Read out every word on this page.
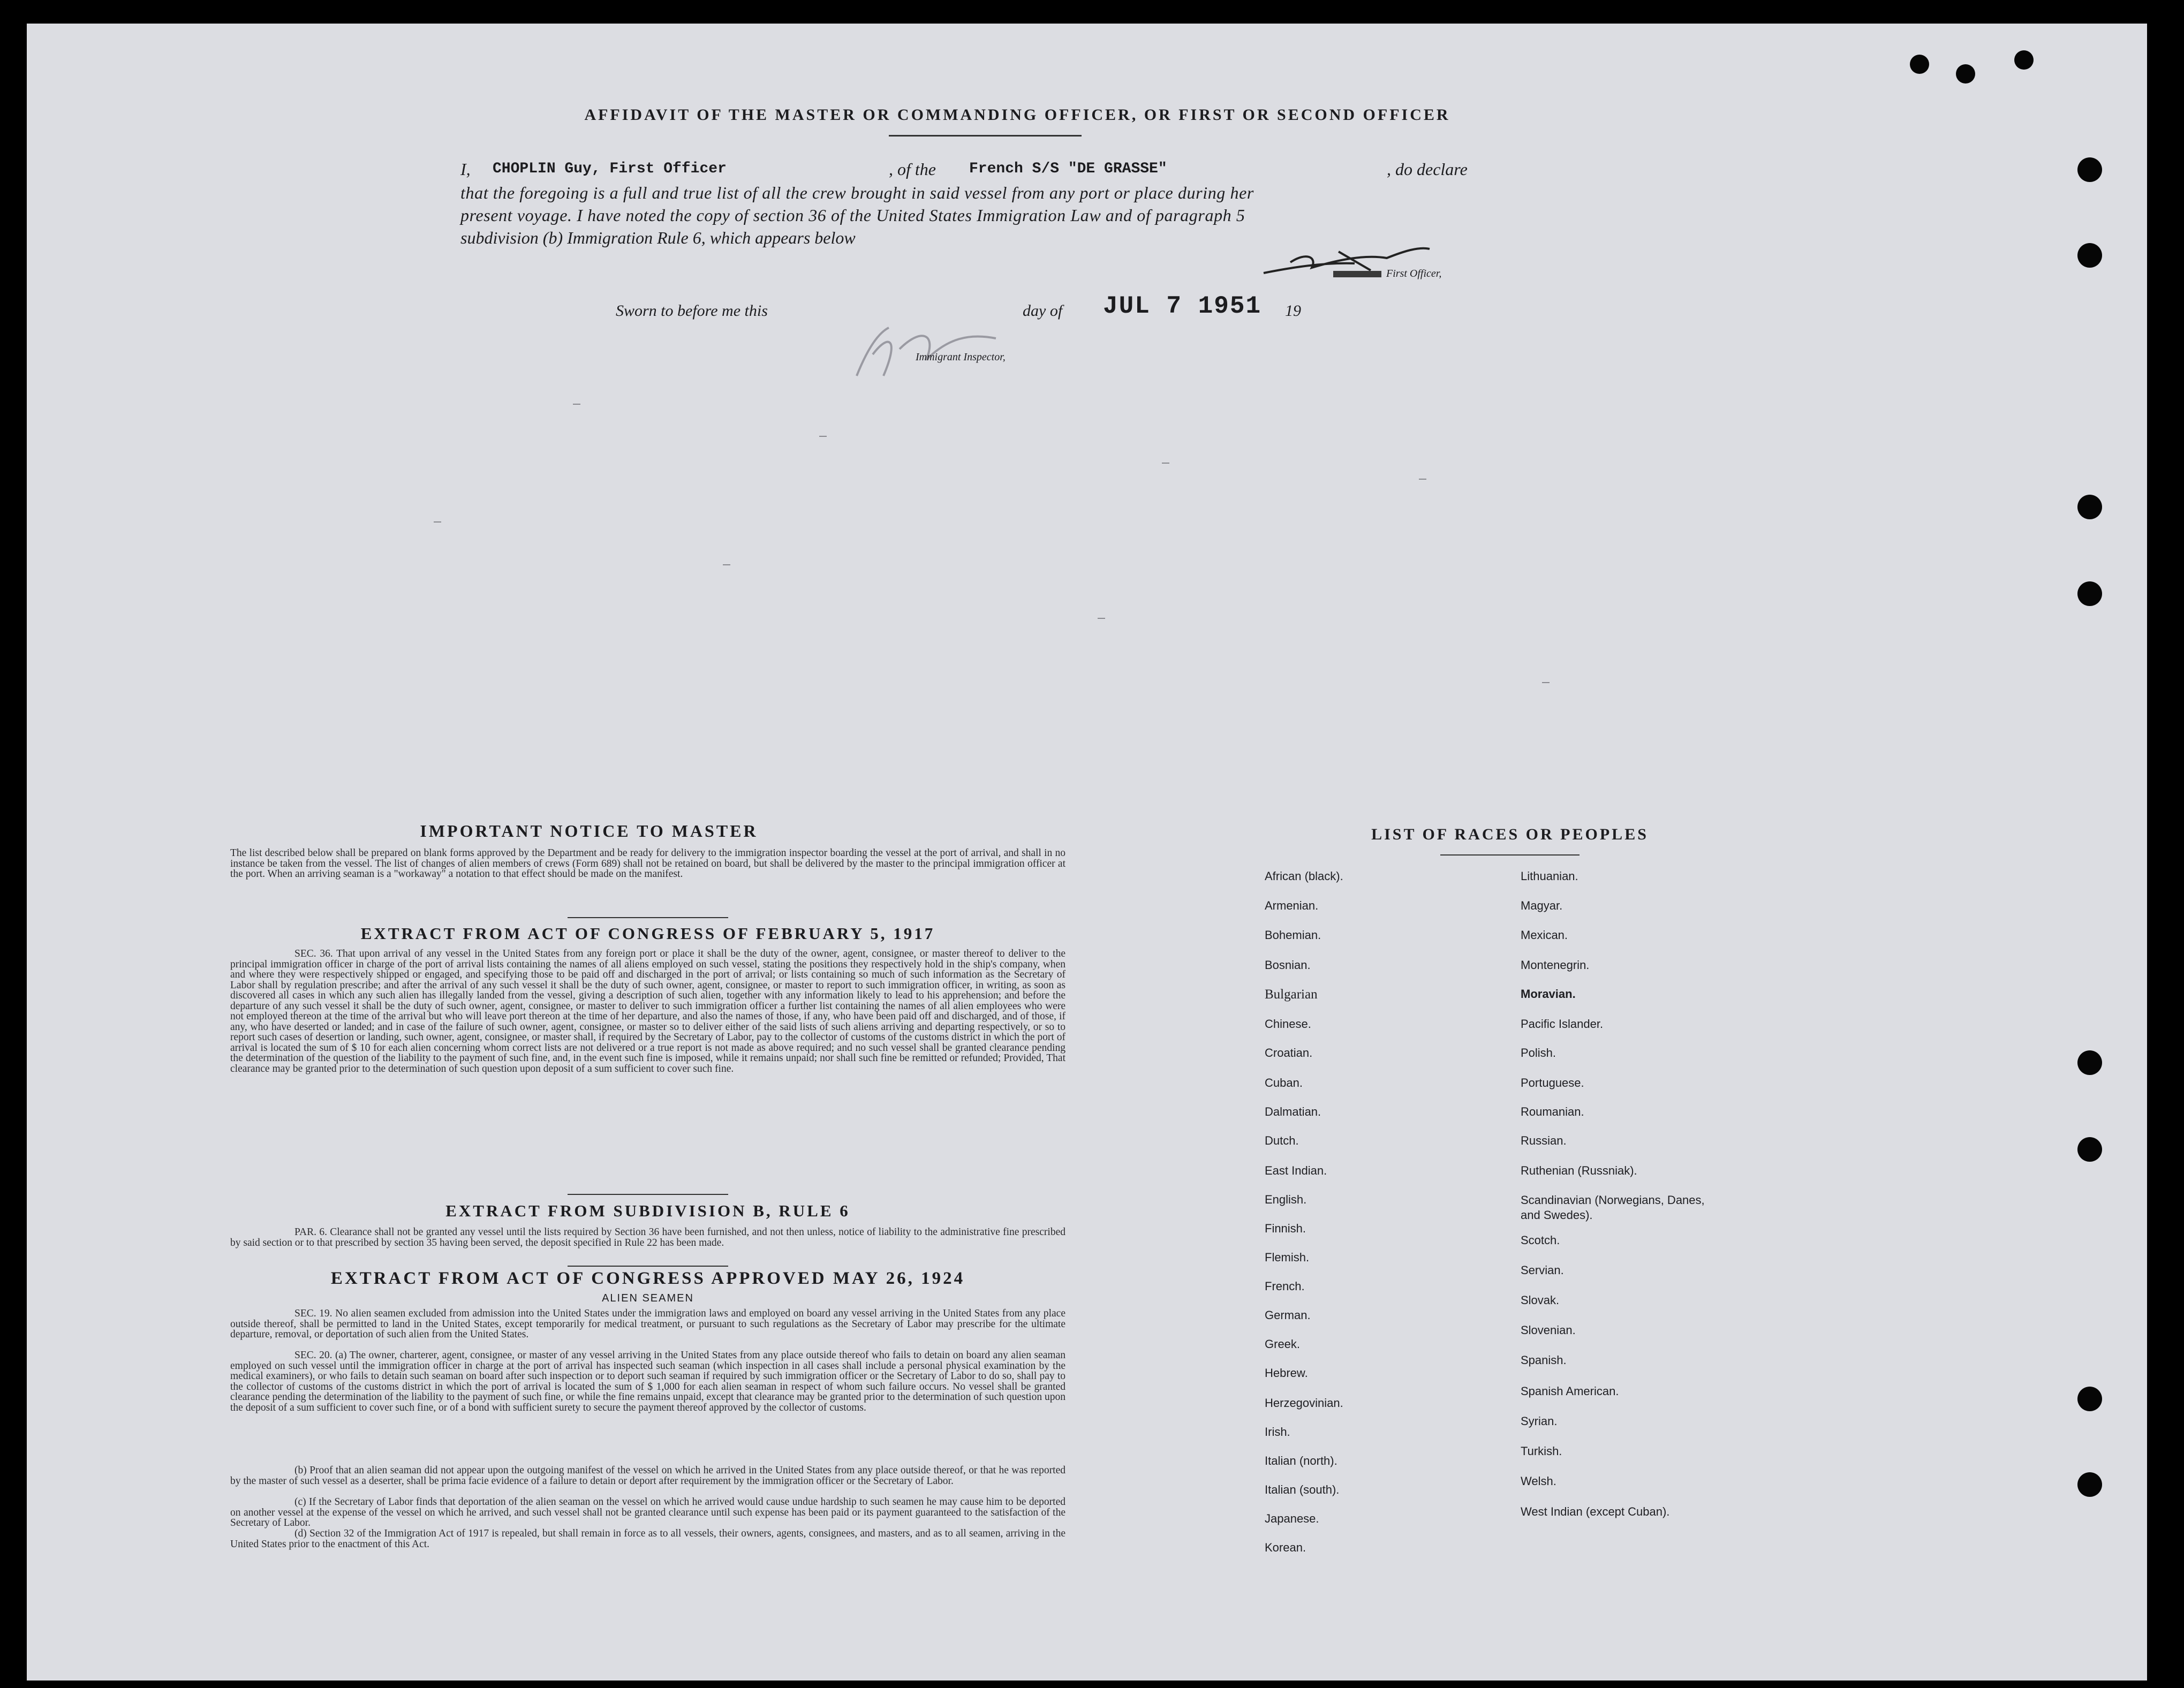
AFFIDAVIT OF THE MASTER OR COMMANDING OFFICER, OR FIRST OR SECOND OFFICER
I, CHOPLIN Guy, First Officer	, of the French S/S "DE GRASSE"	, do declare
that the foregoing is a full and true list of all the crew brought in said vessel from any port or place during her
present voyage. I have noted the copy of section 36 of the United States Immigration Law and of paragraph 5
subdivision (b) Immigration Rule 6, which appears below
First Officer,
Sworn to before me this	day of JUL 7 1951 19
Immigrant Inspector,
IMPORTANT NOTICE TO MASTER

The list described below shall be prepared on blank forms approved by the Department and be ready for delivery to the immigration inspector boarding the vessel at the port of arrival, and shall in no instance be taken from the vessel. The list of changes of alien members of crews (Form 689) shall not be retained on board, but shall be delivered by the master to the principal immigration officer at the port. When an arriving seaman is a "workaway" a notation to that effect should be made on the manifest.

EXTRACT FROM ACT OF CONGRESS OF FEBRUARY 5, 1917

SEC. 36. That upon arrival of any vessel in the United States from any foreign port or place it shall be the duty of the owner, agent, consignee, or master thereof to deliver to the principal immigration officer in charge of the port of arrival lists containing the names of all aliens employed on such vessel, stating the positions they respectively hold in the ship's company, when and where they were respectively shipped or engaged, and specifying those to be paid off and discharged in the port of arrival; or lists containing so much of such information as the Secretary of Labor shall by regulation prescribe; and after the arrival of any such vessel it shall be the duty of such owner, agent, consignee, or master to report to such immigration officer, in writing, as soon as discovered all cases in which any such alien has illegally landed from the vessel, giving a description of such alien, together with any information likely to lead to his apprehension; and before the departure of any such vessel it shall be the duty of such owner, agent, consignee, or master to deliver to such immigration officer a further list containing the names of all alien employees who were not employed thereon at the time of the arrival but who will leave port thereon at the time of her departure, and also the names of those, if any, who have been paid off and discharged, and of those, if any, who have deserted or landed; and in case of the failure of such owner, agent, consignee, or master so to deliver either of the said lists of such aliens arriving and departing respectively, or so to report such cases of desertion or landing, such owner, agent, consignee, or master shall, if required by the Secretary of Labor, pay to the collector of customs of the customs district in which the port of arrival is located the sum of $ 10 for each alien concerning whom correct lists are not delivered or a true report is not made as above required; and no such vessel shall be granted clearance pending the determination of the question of the liability to the payment of such fine, and, in the event such fine is imposed, while it remains unpaid; nor shall such fine be remitted or refunded; Provided, That clearance may be granted prior to the determination of such question upon deposit of a sum sufficient to cover such fine.

EXTRACT FROM SUBDIVISION B, RULE 6

PAR. 6. Clearance shall not be granted any vessel until the lists required by Section 36 have been furnished, and not then unless, notice of liability to the administrative fine prescribed by said section or to that prescribed by section 35 having been served, the deposit specified in Rule 22 has been made.

EXTRACT FROM ACT OF CONGRESS APPROVED MAY 26, 1924
ALIEN SEAMEN

SEC. 19. No alien seamen excluded from admission into the United States under the immigration laws and employed on board any vessel arriving in the United States from any place outside thereof, shall be permitted to land in the United States, except temporarily for medical treatment, or pursuant to such regulations as the Secretary of Labor may prescribe for the ultimate departure, removal, or deportation of such alien from the United States.

SEC. 20. (a) The owner, charterer, agent, consignee, or master of any vessel arriving in the United States from any place outside thereof who fails to detain on board any alien seaman employed on such vessel until the immigration officer in charge at the port of arrival has inspected such seaman (which inspection in all cases shall include a personal physical examination by the medical examiners), or who fails to detain such seaman on board after such inspection or to deport such seaman if required by such immigration officer or the Secretary of Labor to do so, shall pay to the collector of customs of the customs district in which the port of arrival is located the sum of $ 1,000 for each alien seaman in respect of whom such failure occurs. No vessel shall be granted clearance pending the determination of the liability to the payment of such fine, or while the fine remains unpaid, except that clearance may be granted prior to the determination of such question upon the deposit of a sum sufficient to cover such fine, or of a bond with sufficient surety to secure the payment thereof approved by the collector of customs.

(b) Proof that an alien seaman did not appear upon the outgoing manifest of the vessel on which he arrived in the United States from any place outside thereof, or that he was reported by the master of such vessel as a deserter, shall be prima facie evidence of a failure to detain or deport after requirement by the immigration officer or the Secretary of Labor.

(c) If the Secretary of Labor finds that deportation of the alien seaman on the vessel on which he arrived would cause undue hardship to such seamen he may cause him to be deported on another vessel at the expense of the vessel on which he arrived, and such vessel shall not be granted clearance until such expense has been paid or its payment guaranteed to the satisfaction of the Secretary of Labor.

(d) Section 32 of the Immigration Act of 1917 is repealed, but shall remain in force as to all vessels, their owners, agents, consignees, and masters, and as to all seamen, arriving in the United States prior to the enactment of this Act.

LIST OF RACES OR PEOPLES
African (black).
Armenian.
Bohemian.
Bosnian.
Bulgarian
Chinese.
Croatian.
Cuban.
Dalmatian.
Dutch.
East Indian.
English.
Finnish.
Flemish.
French.
German.
Greek.
Hebrew.
Herzegovinian.
Irish.
Italian (north).
Italian (south).
Japanese.
Korean.
Lithuanian.
Magyar.
Mexican.
Montenegrin.
Moravian.
Pacific Islander.
Polish.
Portuguese.
Roumanian.
Russian.
Ruthenian (Russniak).
Scandinavian (Norwegians, Danes, and Swedes).
Scotch.
Servian.
Slovak.
Slovenian.
Spanish.
Spanish American.
Syrian.
Turkish.
Welsh.
West Indian (except Cuban).
